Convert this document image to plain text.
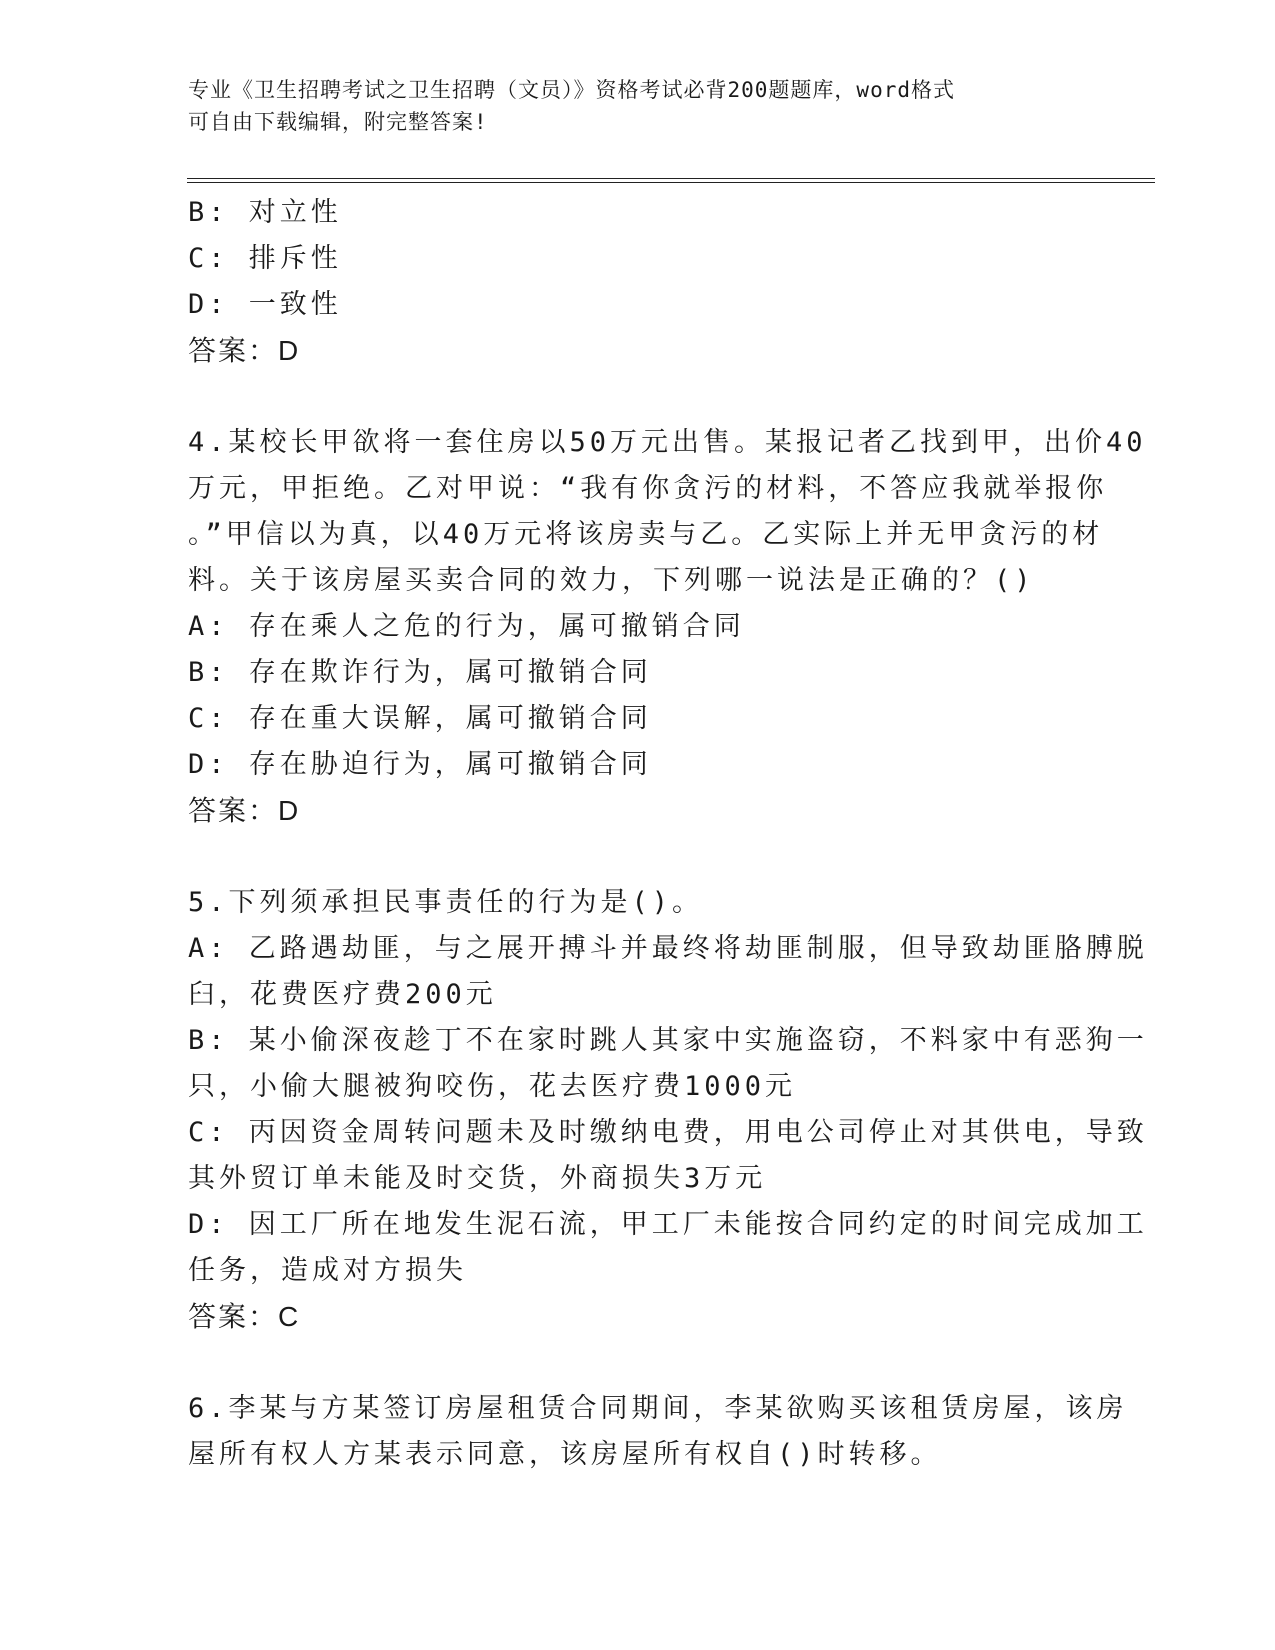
专业《卫生招聘考试之卫生招聘（文员）》资格考试必背200题题库，word格式
可自由下载编辑，附完整答案!
B: 对立性
C: 排斥性
D: 一致性
答案：D
4.某校长甲欲将一套住房以50万元出售。某报记者乙找到甲，出价40
万元，甲拒绝。乙对甲说：“我有你贪污的材料，不答应我就举报你
。”甲信以为真，以40万元将该房卖与乙。乙实际上并无甲贪污的材
料。关于该房屋买卖合同的效力，下列哪一说法是正确的？()
A: 存在乘人之危的行为，属可撤销合同
B: 存在欺诈行为，属可撤销合同
C: 存在重大误解，属可撤销合同
D: 存在胁迫行为，属可撤销合同
答案：D
5.下列须承担民事责任的行为是()。
A: 乙路遇劫匪，与之展开搏斗并最终将劫匪制服，但导致劫匪胳膊脱
臼，花费医疗费200元
B: 某小偷深夜趁丁不在家时跳人其家中实施盗窃，不料家中有恶狗一
只，小偷大腿被狗咬伤，花去医疗费1000元
C: 丙因资金周转问题未及时缴纳电费，用电公司停止对其供电，导致
其外贸订单未能及时交货，外商损失3万元
D: 因工厂所在地发生泥石流，甲工厂未能按合同约定的时间完成加工
任务，造成对方损失
答案：C
6.李某与方某签订房屋租赁合同期间，李某欲购买该租赁房屋，该房
屋所有权人方某表示同意，该房屋所有权自()时转移。
